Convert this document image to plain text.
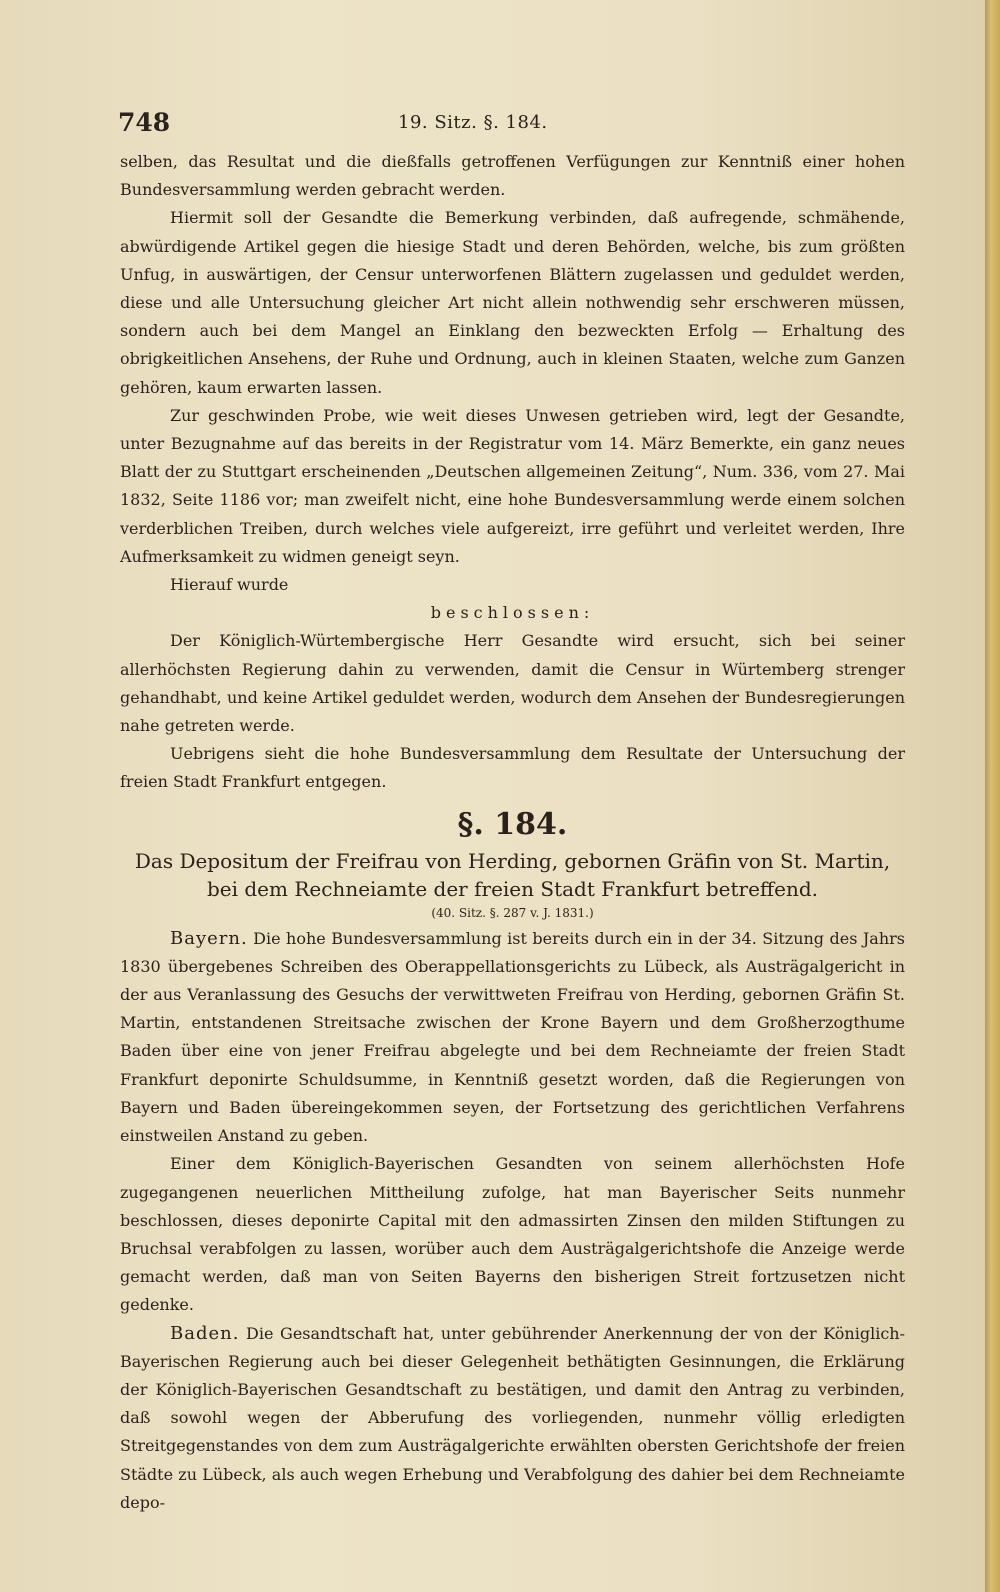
748	19. Sitz. §. 184.

selben, das Resultat und die dießfalls getroffenen Verfügungen zur Kenntniß einer hohen Bundesversammlung werden gebracht werden.

Hiermit soll der Gesandte die Bemerkung verbinden, daß aufregende, schmähende, abwürdigende Artikel gegen die hiesige Stadt und deren Behörden, welche, bis zum größten Unfug, in auswärtigen, der Censur unterworfenen Blättern zugelassen und geduldet werden, diese und alle Untersuchung gleicher Art nicht allein nothwendig sehr erschweren müssen, sondern auch bei dem Mangel an Einklang den bezweckten Erfolg — Erhaltung des obrigkeitlichen Ansehens, der Ruhe und Ordnung, auch in kleinen Staaten, welche zum Ganzen gehören, kaum erwarten lassen.

Zur geschwinden Probe, wie weit dieses Unwesen getrieben wird, legt der Gesandte, unter Bezugnahme auf das bereits in der Registratur vom 14. März Bemerkte, ein ganz neues Blatt der zu Stuttgart erscheinenden „Deutschen allgemeinen Zeitung“, Num. 336, vom 27. Mai 1832, Seite 1186 vor; man zweifelt nicht, eine hohe Bundesversammlung werde einem solchen verderblichen Treiben, durch welches viele aufgereizt, irre geführt und verleitet werden, Ihre Aufmerksamkeit zu widmen geneigt seyn.

Hierauf wurde

beschlossen:

Der Königlich-Würtembergische Herr Gesandte wird ersucht, sich bei seiner allerhöchsten Regierung dahin zu verwenden, damit die Censur in Würtemberg strenger gehandhabt, und keine Artikel geduldet werden, wodurch dem Ansehen der Bundesregierungen nahe getreten werde.

Uebrigens sieht die hohe Bundesversammlung dem Resultate der Untersuchung der freien Stadt Frankfurt entgegen.

§. 184.
Das Depositum der Freifrau von Herding, gebornen Gräfin von St. Martin, bei dem Rechneiamte der freien Stadt Frankfurt betreffend.
(40. Sitz. §. 287 v. J. 1831.)

Bayern. Die hohe Bundesversammlung ist bereits durch ein in der 34. Sitzung des Jahrs 1830 übergebenes Schreiben des Oberappellationsgerichts zu Lübeck, als Austrägalgericht in der aus Veranlassung des Gesuchs der verwittweten Freifrau von Herding, gebornen Gräfin St. Martin, entstandenen Streitsache zwischen der Krone Bayern und dem Großherzogthume Baden über eine von jener Freifrau abgelegte und bei dem Rechneiamte der freien Stadt Frankfurt deponirte Schuldsumme, in Kenntniß gesetzt worden, daß die Regierungen von Bayern und Baden übereingekommen seyen, der Fortsetzung des gerichtlichen Verfahrens einstweilen Anstand zu geben.

Einer dem Königlich-Bayerischen Gesandten von seinem allerhöchsten Hofe zugegangenen neuerlichen Mittheilung zufolge, hat man Bayerischer Seits nunmehr beschlossen, dieses deponirte Capital mit den admassirten Zinsen den milden Stiftungen zu Bruchsal verabfolgen zu lassen, worüber auch dem Austrägalgerichtshofe die Anzeige werde gemacht werden, daß man von Seiten Bayerns den bisherigen Streit fortzusetzen nicht gedenke.

Baden. Die Gesandtschaft hat, unter gebührender Anerkennung der von der Königlich-Bayerischen Regierung auch bei dieser Gelegenheit bethätigten Gesinnungen, die Erklärung der Königlich-Bayerischen Gesandtschaft zu bestätigen, und damit den Antrag zu verbinden, daß sowohl wegen der Abberufung des vorliegenden, nunmehr völlig erledigten Streitgegenstandes von dem zum Austrägalgerichte erwählten obersten Gerichtshofe der freien Städte zu Lübeck, als auch wegen Erhebung und Verabfolgung des dahier bei dem Rechneiamte depo-
